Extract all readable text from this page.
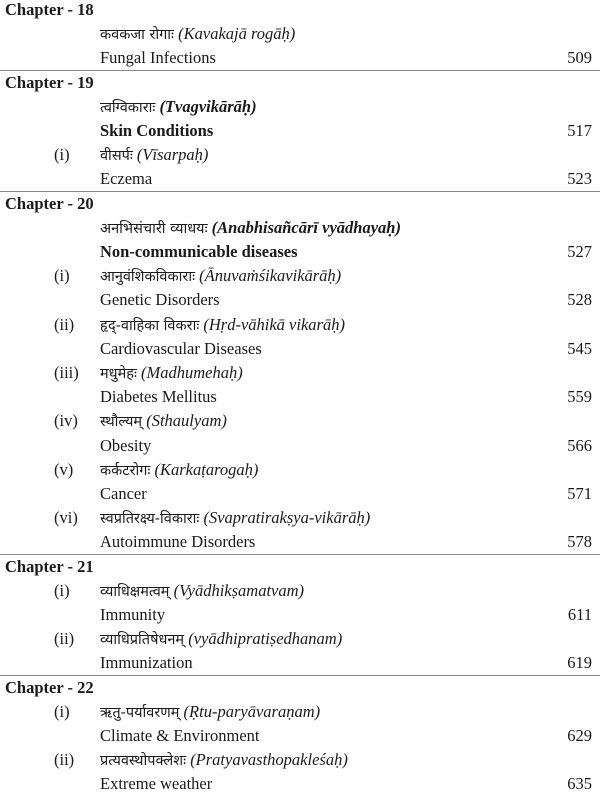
Chapter - 18
कवकजा रोगाः (Kavakajā rogāḥ)
Fungal Infections	509
Chapter - 19
त्वग्विकाराः (Tvagvikārāḥ)
Skin Conditions	517
(i) वीसर्पः (Vīsarpaḥ)
Eczema	523
Chapter - 20
अनभिसंचारी व्याधयः (Anabhisañcārī vyādhayaḥ)
Non-communicable diseases	527
(i) आनुवंशिकविकाराः (Ānuvaṁśikavikārāḥ)
Genetic Disorders	528
(ii) हृद्-वाहिका विकराः (Hṛd-vāhikā vikarāḥ)
Cardiovascular Diseases	545
(iii) मधुमेहः (Madhumehaḥ)
Diabetes Mellitus	559
(iv) स्थौल्यम् (Sthaulyam)
Obesity	566
(v) कर्कटरोगः (Karkaṭarogaḥ)
Cancer	571
(vi) स्वप्रतिरक्ष्य-विकाराः (Svapratirakṣya-vikārāḥ)
Autoimmune Disorders	578
Chapter - 21
(i) व्याधिक्षमत्वम् (Vyādhikṣamatvam)
Immunity	611
(ii) व्याधिप्रतिषेधनम् (vyādhipratiṣedhanam)
Immunization	619
Chapter - 22
(i) ऋतु-पर्यावरणम् (Ṛtu-paryāvaraṇam)
Climate & Environment	629
(ii) प्रत्यवस्थोपक्लेशः (Pratyavasthopakleśaḥ)
Extreme weather	635
